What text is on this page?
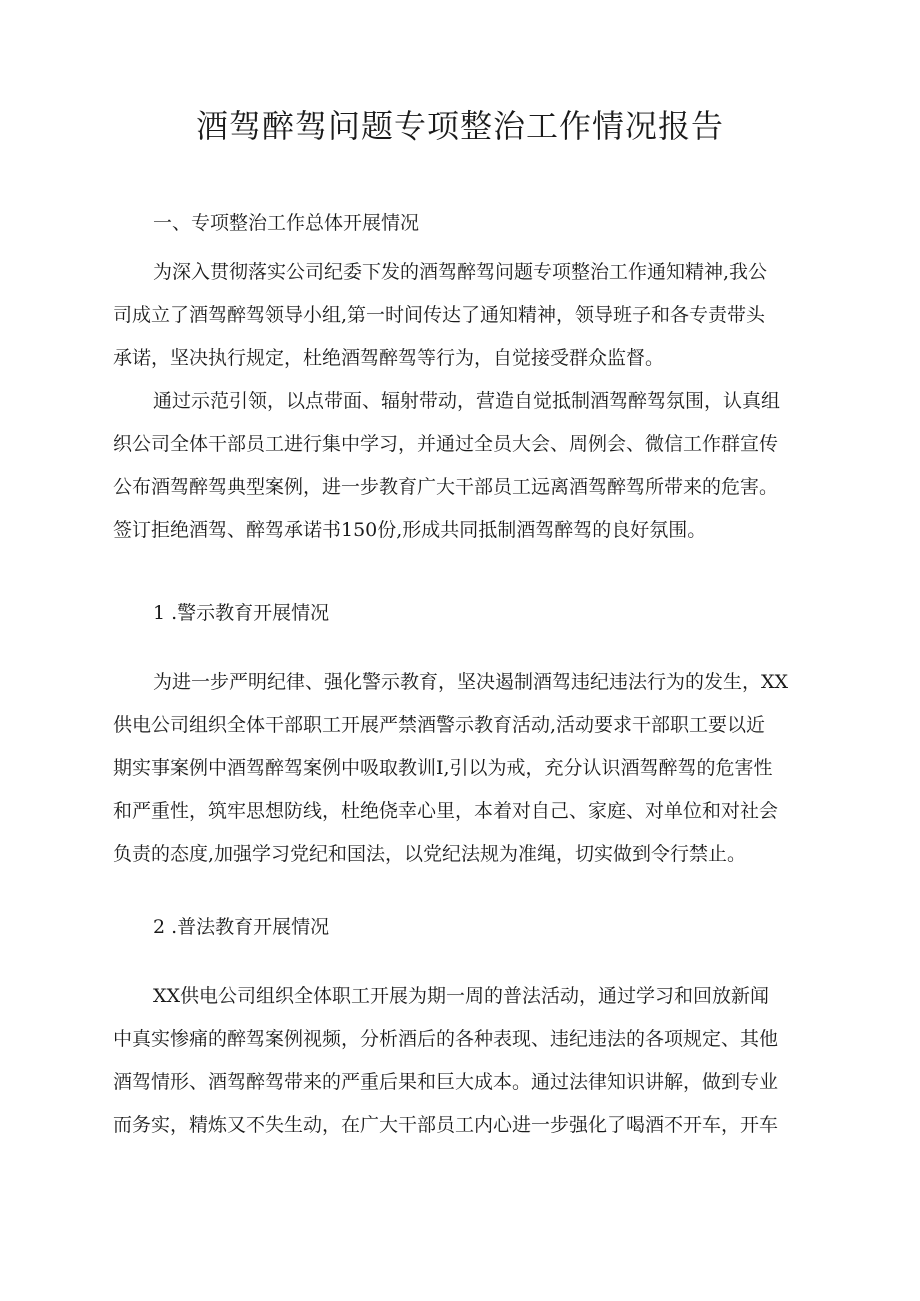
酒驾醉驾问题专项整治工作情况报告

一、专项整治工作总体开展情况

为深入贯彻落实公司纪委下发的酒驾醉驾问题专项整治工作通知精神,我公
司成立了酒驾醉驾领导小组,第一时间传达了通知精神，领导班子和各专责带头
承诺，坚决执行规定，杜绝酒驾醉驾等行为，自觉接受群众监督。
通过示范引领，以点带面、辐射带动，营造自觉抵制酒驾醉驾氛围，认真组
织公司全体干部员工进行集中学习，并通过全员大会、周例会、微信工作群宣传
公布酒驾醉驾典型案例，进一步教育广大干部员工远离酒驾醉驾所带来的危害。
签订拒绝酒驾、醉驾承诺书150份,形成共同抵制酒驾醉驾的良好氛围。

1 .警示教育开展情况

为进一步严明纪律、强化警示教育，坚决遏制酒驾违纪违法行为的发生，XX
供电公司组织全体干部职工开展严禁酒警示教育活动,活动要求干部职工要以近
期实事案例中酒驾醉驾案例中吸取教训I,引以为戒，充分认识酒驾醉驾的危害性
和严重性，筑牢思想防线，杜绝侥幸心里，本着对自己、家庭、对单位和对社会
负责的态度,加强学习党纪和国法，以党纪法规为准绳，切实做到令行禁止。

2 .普法教育开展情况

XX供电公司组织全体职工开展为期一周的普法活动，通过学习和回放新闻
中真实惨痛的醉驾案例视频，分析酒后的各种表现、违纪违法的各项规定、其他
酒驾情形、酒驾醉驾带来的严重后果和巨大成本。通过法律知识讲解，做到专业
而务实，精炼又不失生动，在广大干部员工内心进一步强化了喝酒不开车，开车
